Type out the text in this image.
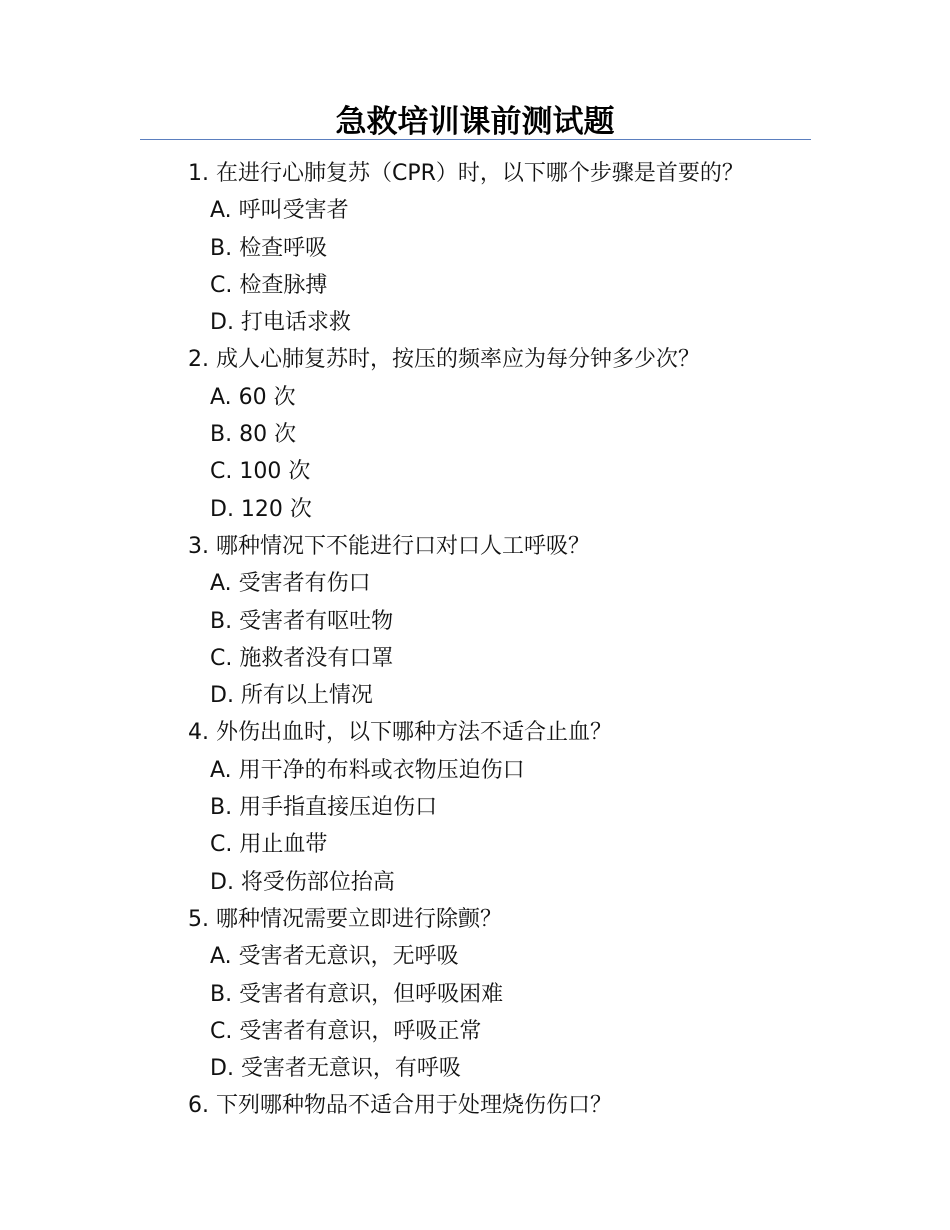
急救培训课前测试题
1. 在进行心肺复苏（CPR）时，以下哪个步骤是首要的？
A. 呼叫受害者
B. 检查呼吸
C. 检查脉搏
D. 打电话求救
2. 成人心肺复苏时，按压的频率应为每分钟多少次？
A. 60 次
B. 80 次
C. 100 次
D. 120 次
3. 哪种情况下不能进行口对口人工呼吸？
A. 受害者有伤口
B. 受害者有呕吐物
C. 施救者没有口罩
D. 所有以上情况
4. 外伤出血时，以下哪种方法不适合止血？
A. 用干净的布料或衣物压迫伤口
B. 用手指直接压迫伤口
C. 用止血带
D. 将受伤部位抬高
5. 哪种情况需要立即进行除颤？
A. 受害者无意识，无呼吸
B. 受害者有意识，但呼吸困难
C. 受害者有意识，呼吸正常
D. 受害者无意识，有呼吸
6. 下列哪种物品不适合用于处理烧伤伤口？
